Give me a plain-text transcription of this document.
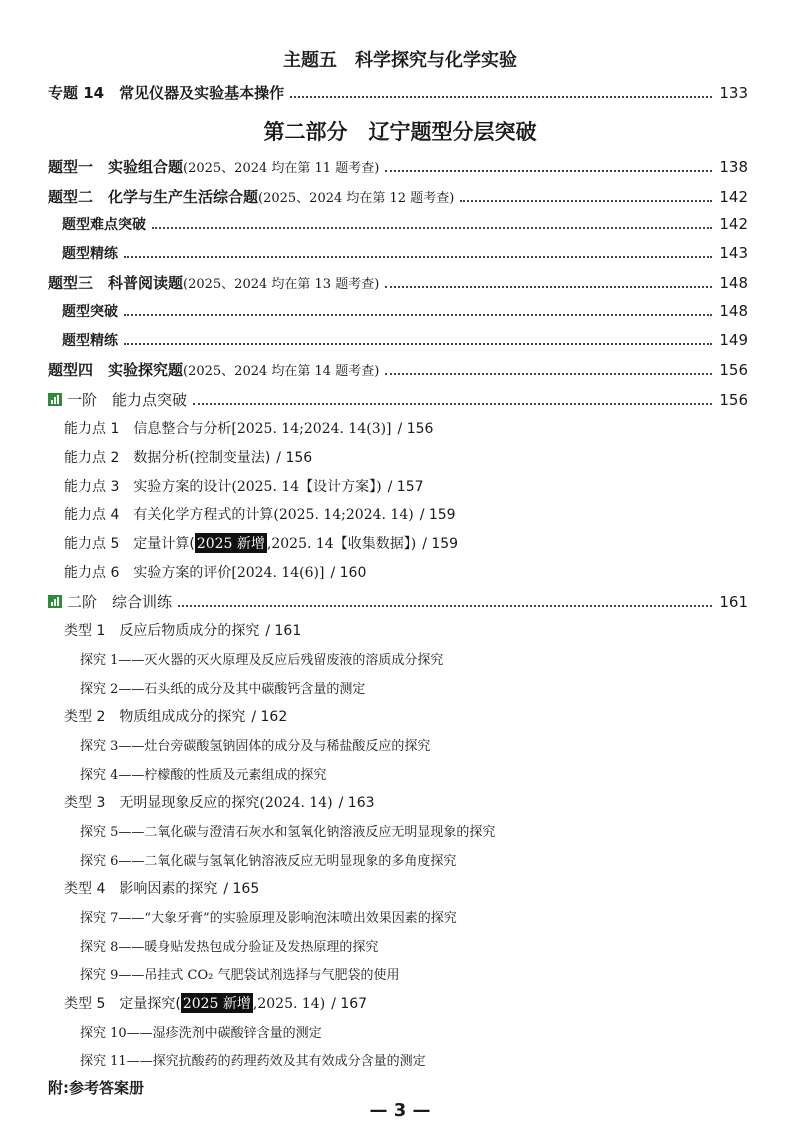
主题五　科学探究与化学实验
专题 14　常见仪器及实验基本操作	133
第二部分　辽宁题型分层突破
题型一　实验组合题 (2025、2024 均在第 11 题考查)	138
题型二　化学与生产生活综合题 (2025、2024 均在第 12 题考查)	142
题型难点突破	142
题型精练	143
题型三　科普阅读题 (2025、2024 均在第 13 题考查)	148
题型突破	148
题型精练	149
题型四　实验探究题 (2025、2024 均在第 14 题考查)	156
一阶　能力点突破	156
能力点 1　信息整合与分析 [2025. 14;2024. 14(3)] / 156
能力点 2　数据分析(控制变量法) / 156
能力点 3　实验方案的设计 (2025. 14【设计方案】) / 157
能力点 4　有关化学方程式的计算 (2025. 14;2024. 14) / 159
能力点 5　定量计算( 2025 新增 ,2025. 14【收集数据】) / 159
能力点 6　实验方案的评价 [2024. 14(6)] / 160
二阶　综合训练	161
类型 1　反应后物质成分的探究 / 161
探究 1——灭火器的灭火原理及反应后残留废液的溶质成分探究
探究 2——石头纸的成分及其中碳酸钙含量的测定
类型 2　物质组成成分的探究 / 162
探究 3——灶台旁碳酸氢钠固体的成分及与稀盐酸反应的探究
探究 4——柠檬酸的性质及元素组成的探究
类型 3　无明显现象反应的探究 (2024. 14) / 163
探究 5——二氧化碳与澄清石灰水和氢氧化钠溶液反应无明显现象的探究
探究 6——二氧化碳与氢氧化钠溶液反应无明显现象的多角度探究
类型 4　影响因素的探究 / 165
探究 7——“大象牙膏”的实验原理及影响泡沫喷出效果因素的探究
探究 8——暖身贴发热包成分验证及发热原理的探究
探究 9——吊挂式 CO₂ 气肥袋试剂选择与气肥袋的使用
类型 5　定量探究( 2025 新增 ,2025. 14) / 167
探究 10——湿疹洗剂中碳酸锌含量的测定
探究 11——探究抗酸药的药理药效及其有效成分含量的测定
附:参考答案册
— 3 —
